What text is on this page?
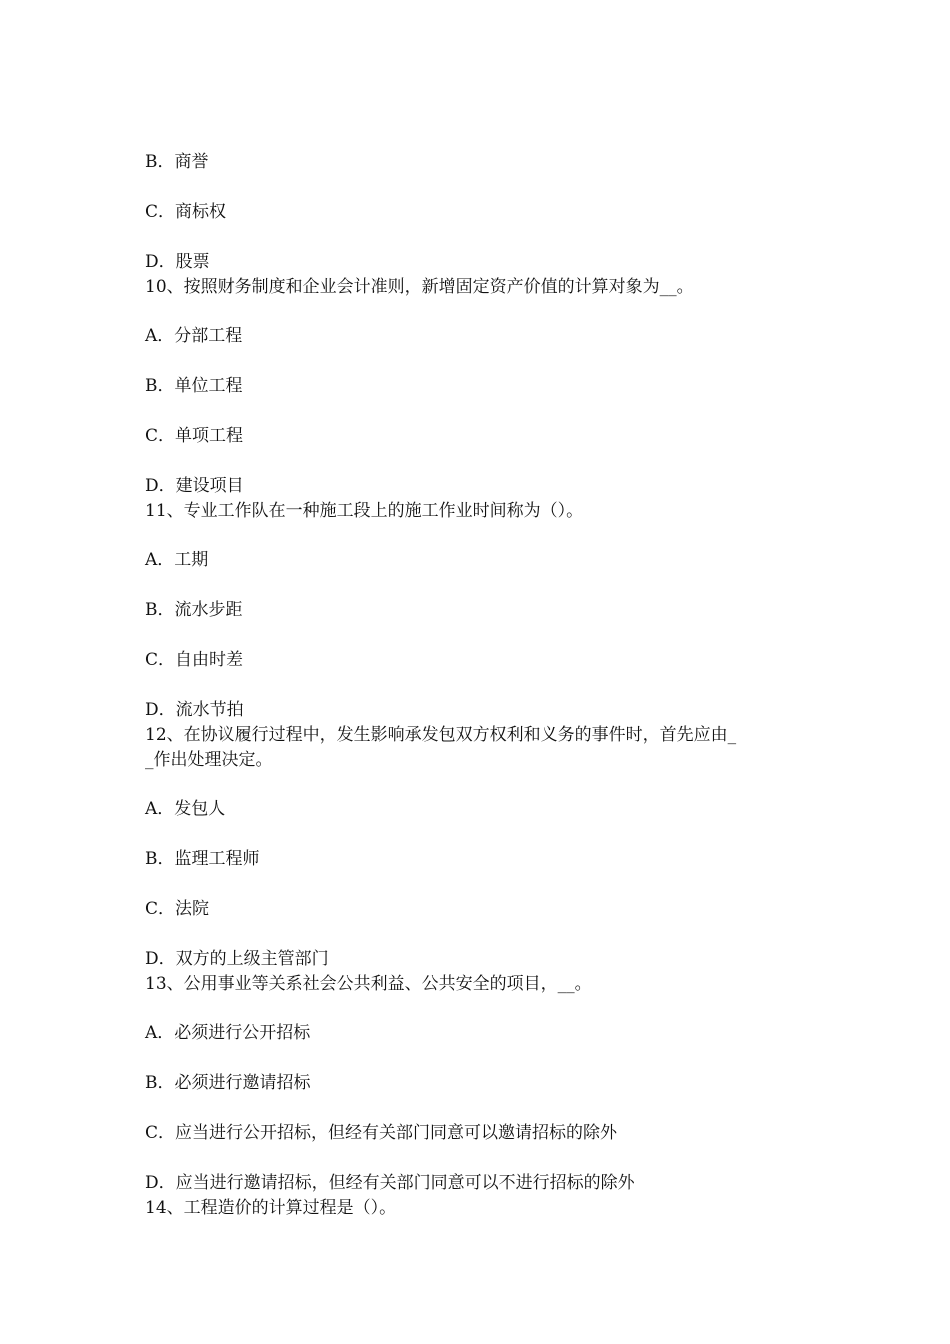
B．商誉
C．商标权
D．股票
10、按照财务制度和企业会计准则，新增固定资产价值的计算对象为__。
A．分部工程
B．单位工程
C．单项工程
D．建设项目
11、专业工作队在一种施工段上的施工作业时间称为（）。
A．工期
B．流水步距
C．自由时差
D．流水节拍
12、在协议履行过程中，发生影响承发包双方权利和义务的事件时，首先应由_
_作出处理决定。
A．发包人
B．监理工程师
C．法院
D．双方的上级主管部门
13、公用事业等关系社会公共利益、公共安全的项目，__。
A．必须进行公开招标
B．必须进行邀请招标
C．应当进行公开招标，但经有关部门同意可以邀请招标的除外
D．应当进行邀请招标，但经有关部门同意可以不进行招标的除外
14、工程造价的计算过程是（）。
